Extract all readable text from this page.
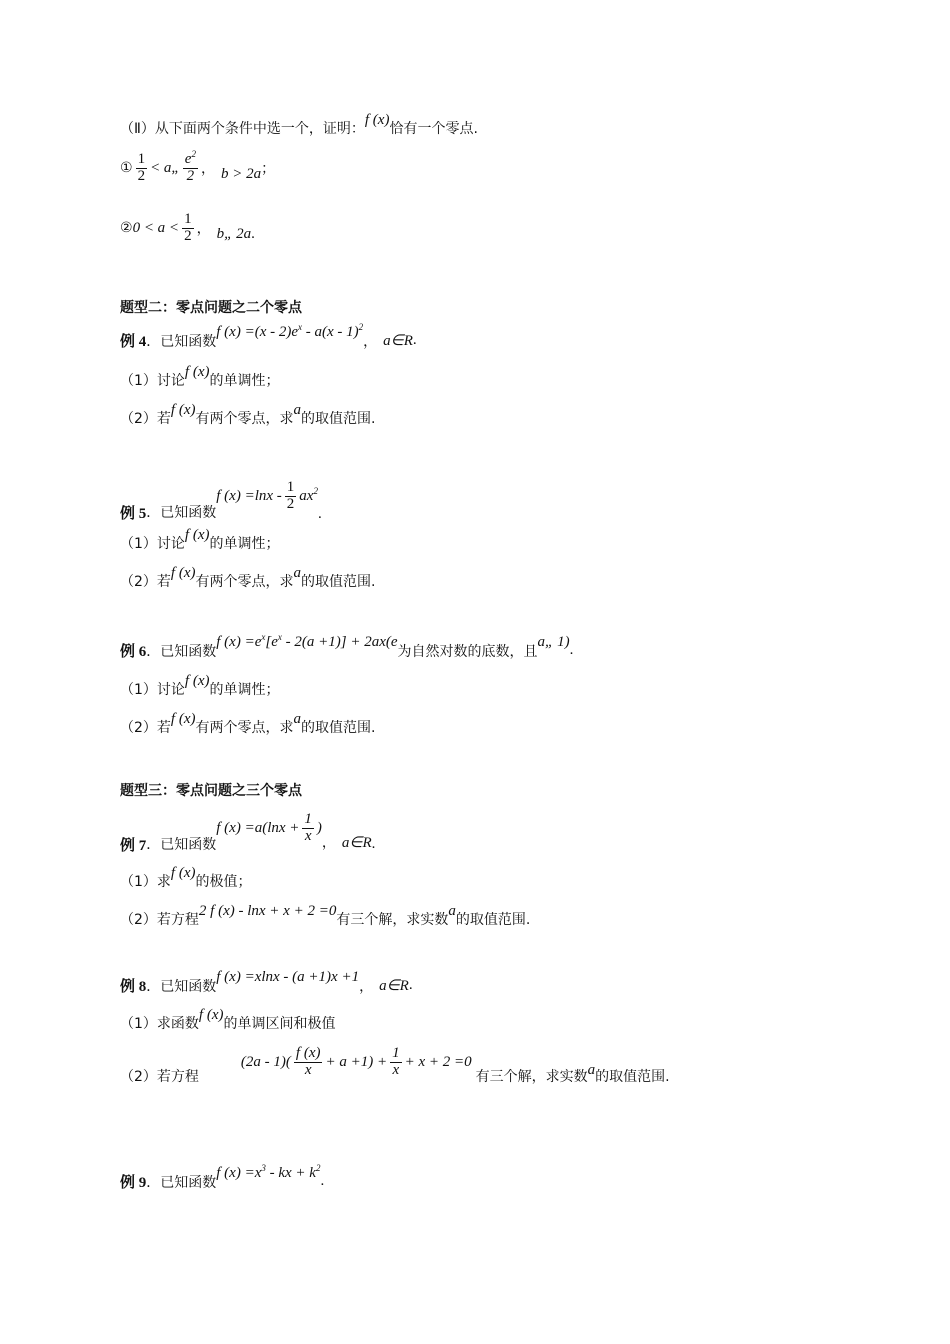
（Ⅱ）从下面两个条件中选一个，证明：
f (x)
恰有一个零点.
① $\frac{1}{2}$ < a„ $\frac{e^2}{2}$ ， b > 2a ；
② $0 < a < \frac{1}{2}$ ， b„ 2a .
题型二：零点问题之二个零点
例 4 ．已知函数
f $(x) =(x - 2)e^x - a(x - 1)^2$
， a∈R .
（1）讨论
f (x)
的单调性；
（2）若
f (x)
有两个零点，求
a
的取值范围.
例 5 ．已知函数
f $(x) =\ln x - \frac{1}{2} ax^2$
.
（1）讨论
f (x)
的单调性；
（2）若
f (x)
有两个零点，求
a
的取值范围.
例 6 ．已知函数
f $(x) =e^x[e^x - 2(a +1)] + 2ax(e$
为自然对数的底数，且
a„ 1) .
（1）讨论
f (x)
的单调性；
（2）若
f (x)
有两个零点，求
a
的取值范围.
题型三：零点问题之三个零点
例 7 ．已知函数
f $(x) =a(\ln x + \frac{1}{x}$ )
， a∈R .
（1）求
f (x)
的极值；
（2）若方程
2 f (x) - lnx + x + 2 =0
有三个解，求实数
a
的取值范围.
例 8 ．已知函数
f (x) =xlnx - (a +1)x +1
， a∈R .
（1）求函数
f (x)
的单调区间和极值
（2）若方程
$(2a - 1)( \frac{f (x)}{x} + a +1) + \frac{1}{x} + x + 2 =0$
有三个解，求实数 a 的取值范围.
例 9 ．已知函数
f $(x) =x^3$ - kx + $k^2$
.
